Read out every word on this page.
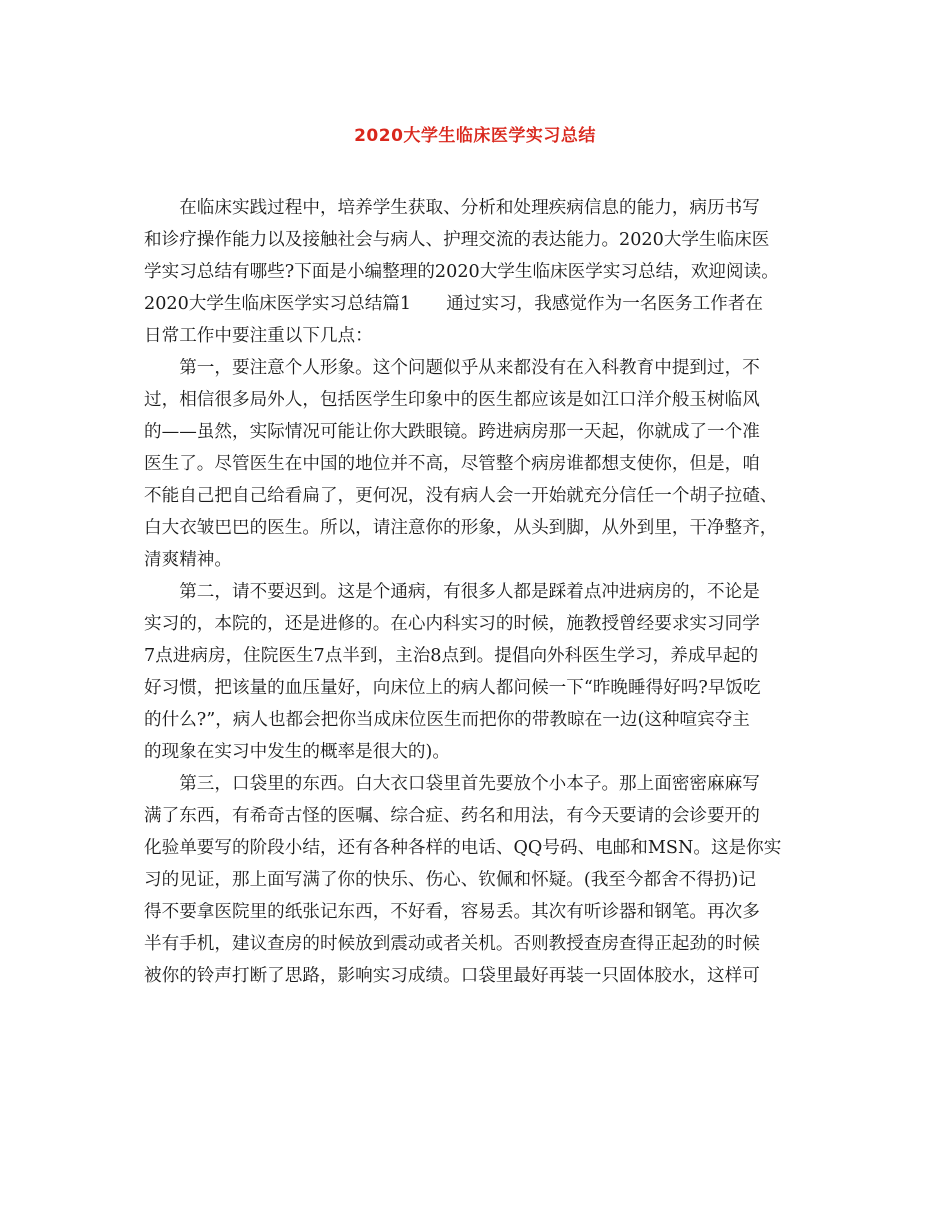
2020大学生临床医学实习总结
在临床实践过程中，培养学生获取、分析和处理疾病信息的能力，病历书写
和诊疗操作能力以及接触社会与病人、护理交流的表达能力。2020大学生临床医
学实习总结有哪些?下面是小编整理的2020大学生临床医学实习总结，欢迎阅读。
2020大学生临床医学实习总结篇1　　通过实习，我感觉作为一名医务工作者在
日常工作中要注重以下几点：
第一，要注意个人形象。这个问题似乎从来都没有在入科教育中提到过，不
过，相信很多局外人，包括医学生印象中的医生都应该是如江口洋介般玉树临风
的——虽然，实际情况可能让你大跌眼镜。跨进病房那一天起，你就成了一个准
医生了。尽管医生在中国的地位并不高，尽管整个病房谁都想支使你，但是，咱
不能自己把自己给看扁了，更何况，没有病人会一开始就充分信任一个胡子拉碴、
白大衣皱巴巴的医生。所以，请注意你的形象，从头到脚，从外到里，干净整齐，
清爽精神。
第二，请不要迟到。这是个通病，有很多人都是踩着点冲进病房的，不论是
实习的，本院的，还是进修的。在心内科实习的时候，施教授曾经要求实习同学
7点进病房，住院医生7点半到，主治8点到。提倡向外科医生学习，养成早起的
好习惯，把该量的血压量好，向床位上的病人都问候一下“昨晚睡得好吗?早饭吃
的什么?”，病人也都会把你当成床位医生而把你的带教晾在一边(这种喧宾夺主
的现象在实习中发生的概率是很大的)。
第三，口袋里的东西。白大衣口袋里首先要放个小本子。那上面密密麻麻写
满了东西，有希奇古怪的医嘱、综合症、药名和用法，有今天要请的会诊要开的
化验单要写的阶段小结，还有各种各样的电话、QQ号码、电邮和MSN。这是你实
习的见证，那上面写满了你的快乐、伤心、钦佩和怀疑。(我至今都舍不得扔)记
得不要拿医院里的纸张记东西，不好看，容易丢。其次有听诊器和钢笔。再次多
半有手机，建议查房的时候放到震动或者关机。否则教授查房查得正起劲的时候
被你的铃声打断了思路，影响实习成绩。口袋里最好再装一只固体胶水，这样可
